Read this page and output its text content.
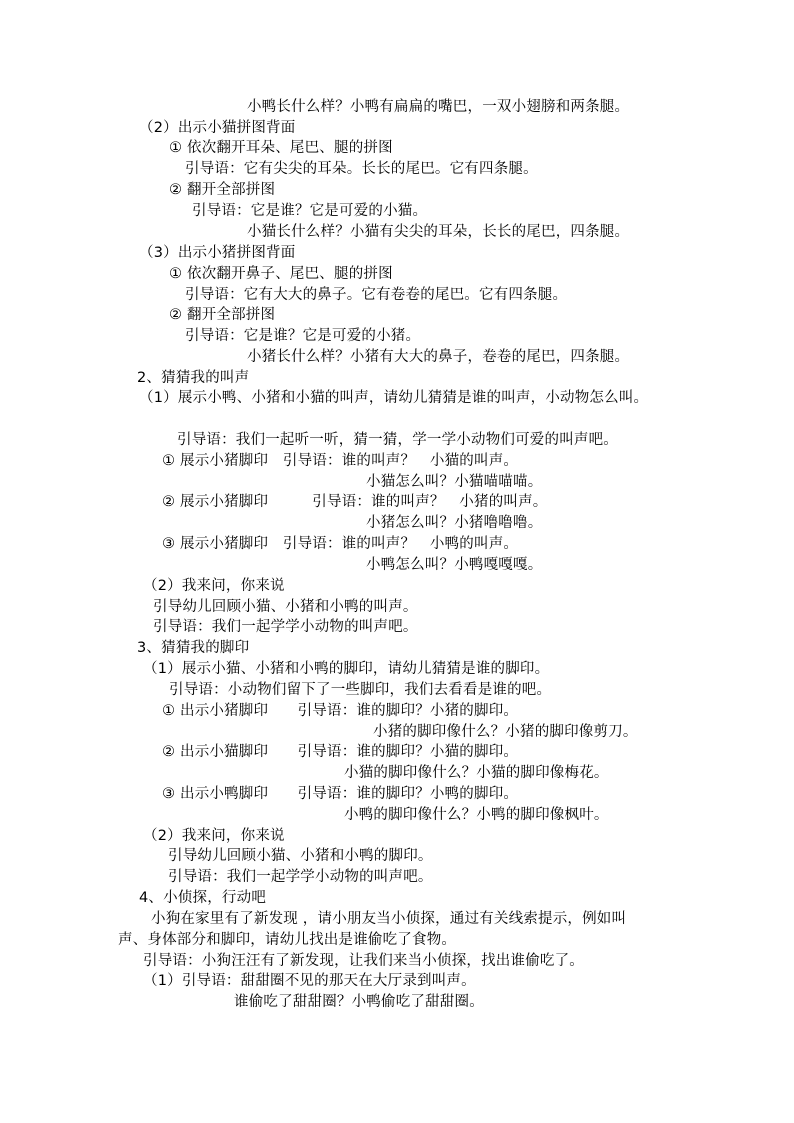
小鸭长什么样？小鸭有扁扁的嘴巴，一双小翅膀和两条腿。
（2）出示小猫拼图背面
① 依次翻开耳朵、尾巴、腿的拼图
引导语：它有尖尖的耳朵。长长的尾巴。它有四条腿。
② 翻开全部拼图
引导语：它是谁？它是可爱的小猫。
小猫长什么样？小猫有尖尖的耳朵，长长的尾巴，四条腿。
（3）出示小猪拼图背面
① 依次翻开鼻子、尾巴、腿的拼图
引导语：它有大大的鼻子。它有卷卷的尾巴。它有四条腿。
② 翻开全部拼图
引导语：它是谁？它是可爱的小猪。
小猪长什么样？小猪有大大的鼻子，卷卷的尾巴，四条腿。
2、猜猜我的叫声
（1）展示小鸭、小猪和小猫的叫声，请幼儿猜猜是谁的叫声，小动物怎么叫。
引导语：我们一起听一听，猜一猜，学一学小动物们可爱的叫声吧。
① 展示小猪脚印　引导语：谁的叫声？　小猫的叫声。
小猫怎么叫？小猫喵喵喵。
② 展示小猪脚印　　　引导语：谁的叫声？　小猪的叫声。
小猪怎么叫？小猪噜噜噜。
③ 展示小猪脚印　引导语：谁的叫声？　小鸭的叫声。
小鸭怎么叫？小鸭嘎嘎嘎。
（2）我来问，你来说
引导幼儿回顾小猫、小猪和小鸭的叫声。
引导语：我们一起学学小动物的叫声吧。
3、猜猜我的脚印
（1）展示小猫、小猪和小鸭的脚印，请幼儿猜猜是谁的脚印。
引导语：小动物们留下了一些脚印，我们去看看是谁的吧。
① 出示小猪脚印　　引导语：谁的脚印？小猪的脚印。
小猪的脚印像什么？小猪的脚印像剪刀。
② 出示小猫脚印　　引导语：谁的脚印？小猫的脚印。
小猫的脚印像什么？小猫的脚印像梅花。
③ 出示小鸭脚印　　引导语：谁的脚印？小鸭的脚印。
小鸭的脚印像什么？小鸭的脚印像枫叶。
（2）我来问，你来说
引导幼儿回顾小猫、小猪和小鸭的脚印。
引导语：我们一起学学小动物的叫声吧。
4、小侦探，行动吧
小狗在家里有了新发现 ，请小朋友当小侦探，通过有关线索提示，例如叫
声、身体部分和脚印，请幼儿找出是谁偷吃了食物。
引导语：小狗汪汪有了新发现，让我们来当小侦探，找出谁偷吃了。
（1）引导语：甜甜圈不见的那天在大厅录到叫声。
谁偷吃了甜甜圈？小鸭偷吃了甜甜圈。
